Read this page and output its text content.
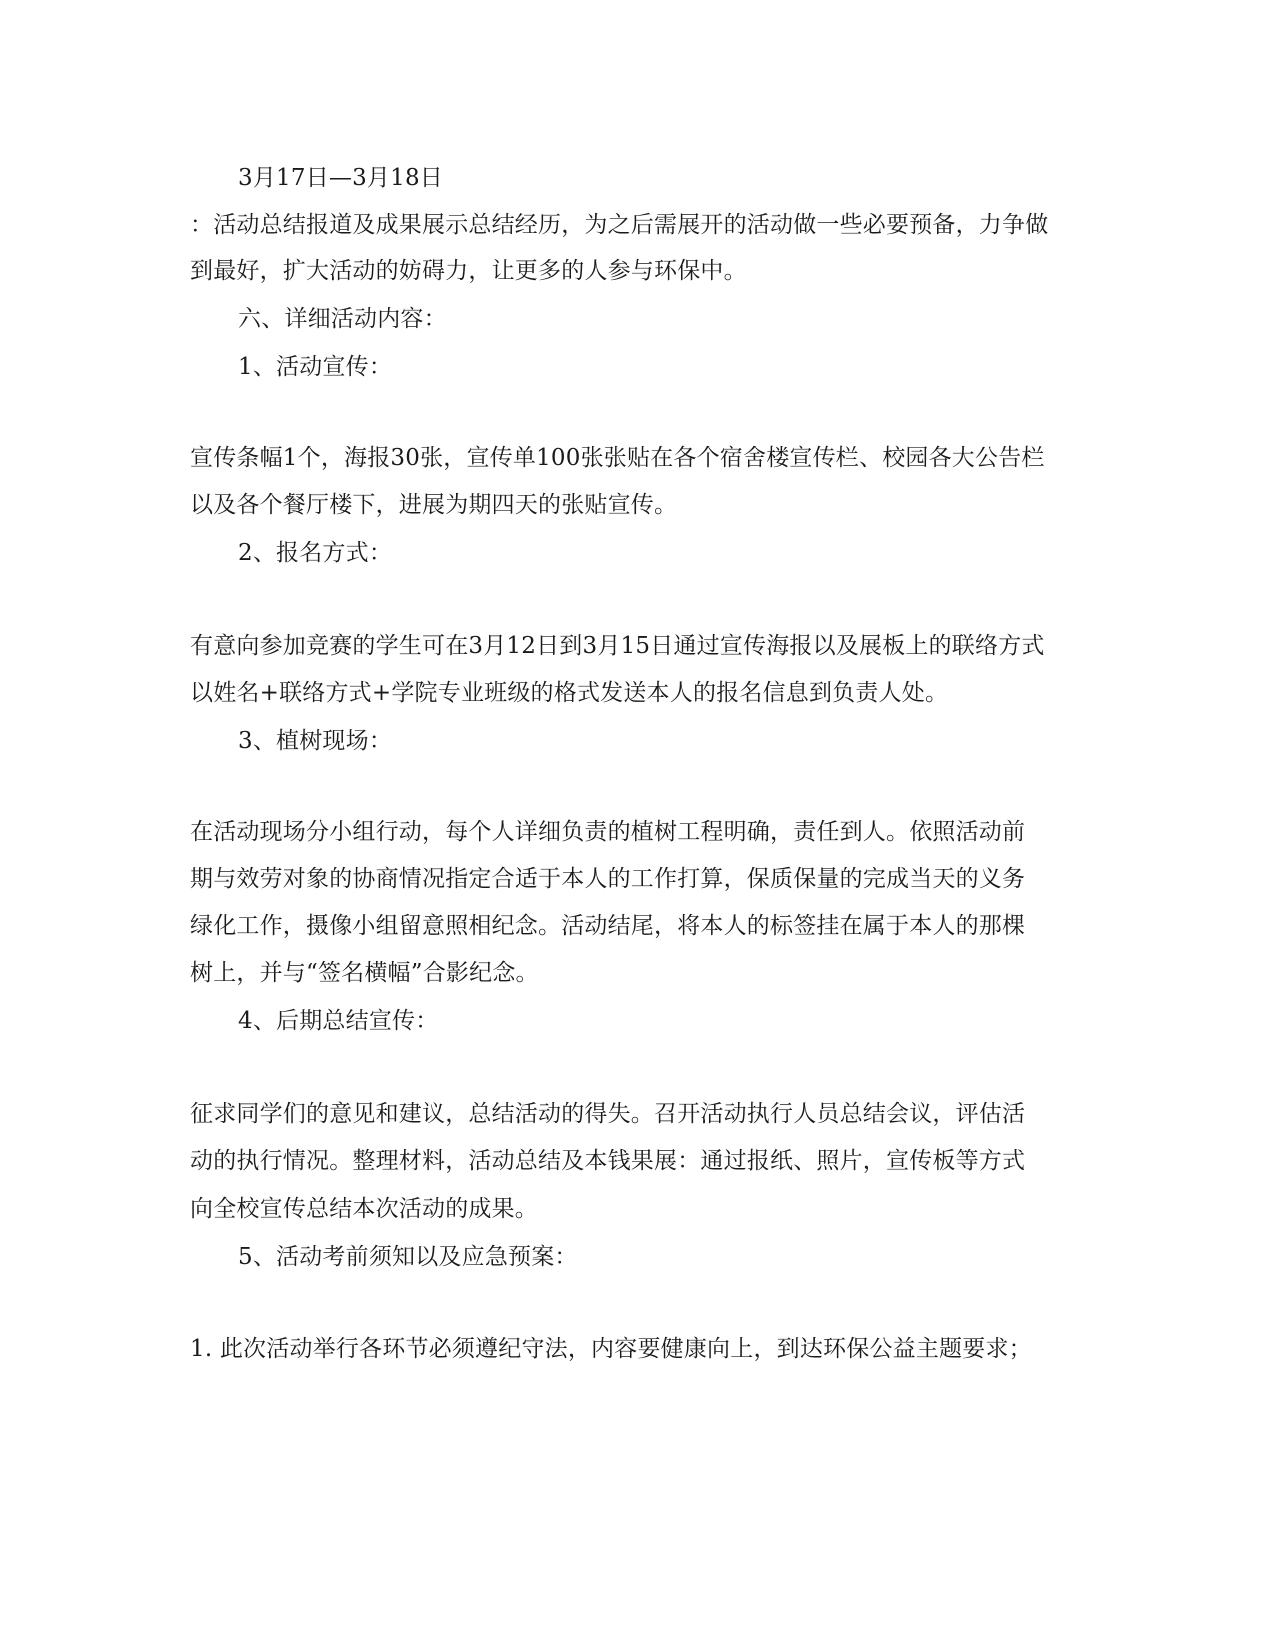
3月17日—3月18日
：活动总结报道及成果展示总结经历，为之后需展开的活动做一些必要预备，力争做
到最好，扩大活动的妨碍力，让更多的人参与环保中。
六、详细活动内容：
1、活动宣传：
宣传条幅1个，海报30张，宣传单100张张贴在各个宿舍楼宣传栏、校园各大公告栏
以及各个餐厅楼下，进展为期四天的张贴宣传。
2、报名方式：
有意向参加竞赛的学生可在3月12日到3月15日通过宣传海报以及展板上的联络方式
以姓名+联络方式+学院专业班级的格式发送本人的报名信息到负责人处。
3、植树现场：
在活动现场分小组行动，每个人详细负责的植树工程明确，责任到人。依照活动前
期与效劳对象的协商情况指定合适于本人的工作打算，保质保量的完成当天的义务
绿化工作，摄像小组留意照相纪念。活动结尾，将本人的标签挂在属于本人的那棵
树上，并与“签名横幅”合影纪念。
4、后期总结宣传：
征求同学们的意见和建议，总结活动的得失。召开活动执行人员总结会议，评估活
动的执行情况。整理材料，活动总结及本钱果展：通过报纸、照片，宣传板等方式
向全校宣传总结本次活动的成果。
5、活动考前须知以及应急预案：
1. 此次活动举行各环节必须遵纪守法，内容要健康向上，到达环保公益主题要求；
